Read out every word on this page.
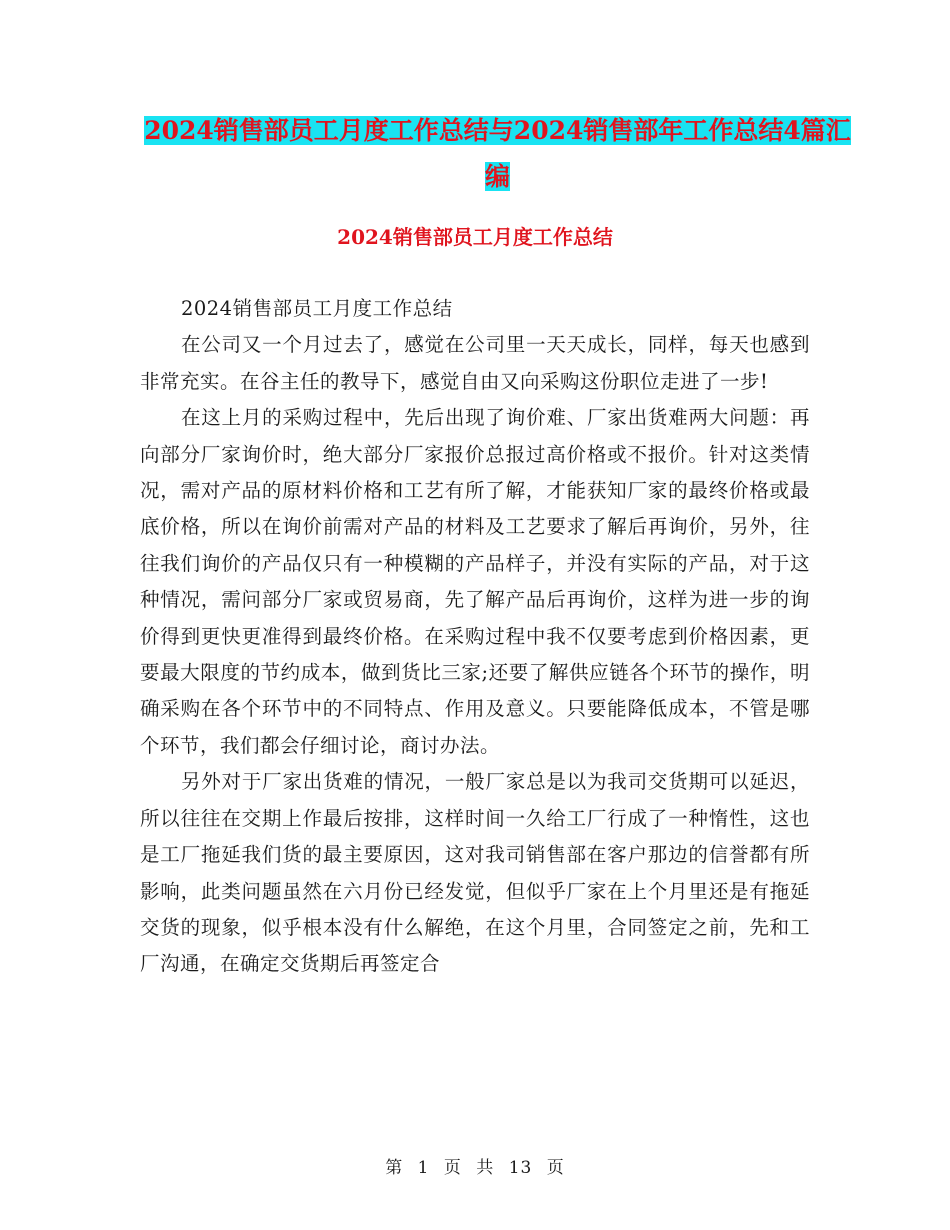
2024销售部员工月度工作总结与2024销售部年工作总结4篇汇编
2024销售部员工月度工作总结

2024销售部员工月度工作总结

在公司又一个月过去了，感觉在公司里一天天成长，同样，每天也感到非常充实。在谷主任的教导下，感觉自由又向采购这份职位走进了一步!

在这上月的采购过程中，先后出现了询价难、厂家出货难两大问题：再向部分厂家询价时，绝大部分厂家报价总报过高价格或不报价。针对这类情况，需对产品的原材料价格和工艺有所了解，才能获知厂家的最终价格或最底价格，所以在询价前需对产品的材料及工艺要求了解后再询价，另外，往往我们询价的产品仅只有一种模糊的产品样子，并没有实际的产品，对于这种情况，需问部分厂家或贸易商，先了解产品后再询价，这样为进一步的询价得到更快更准得到最终价格。在采购过程中我不仅要考虑到价格因素，更要最大限度的节约成本，做到货比三家;还要了解供应链各个环节的操作，明确采购在各个环节中的不同特点、作用及意义。只要能降低成本，不管是哪个环节，我们都会仔细讨论，商讨办法。

另外对于厂家出货难的情况，一般厂家总是以为我司交货期可以延迟，所以往往在交期上作最后按排，这样时间一久给工厂行成了一种惰性，这也是工厂拖延我们货的最主要原因，这对我司销售部在客户那边的信誉都有所影响，此类问题虽然在六月份已经发觉，但似乎厂家在上个月里还是有拖延交货的现象，似乎根本没有什么解绝，在这个月里，合同签定之前，先和工厂沟通，在确定交货期后再签定合

第 1 页 共 13 页
